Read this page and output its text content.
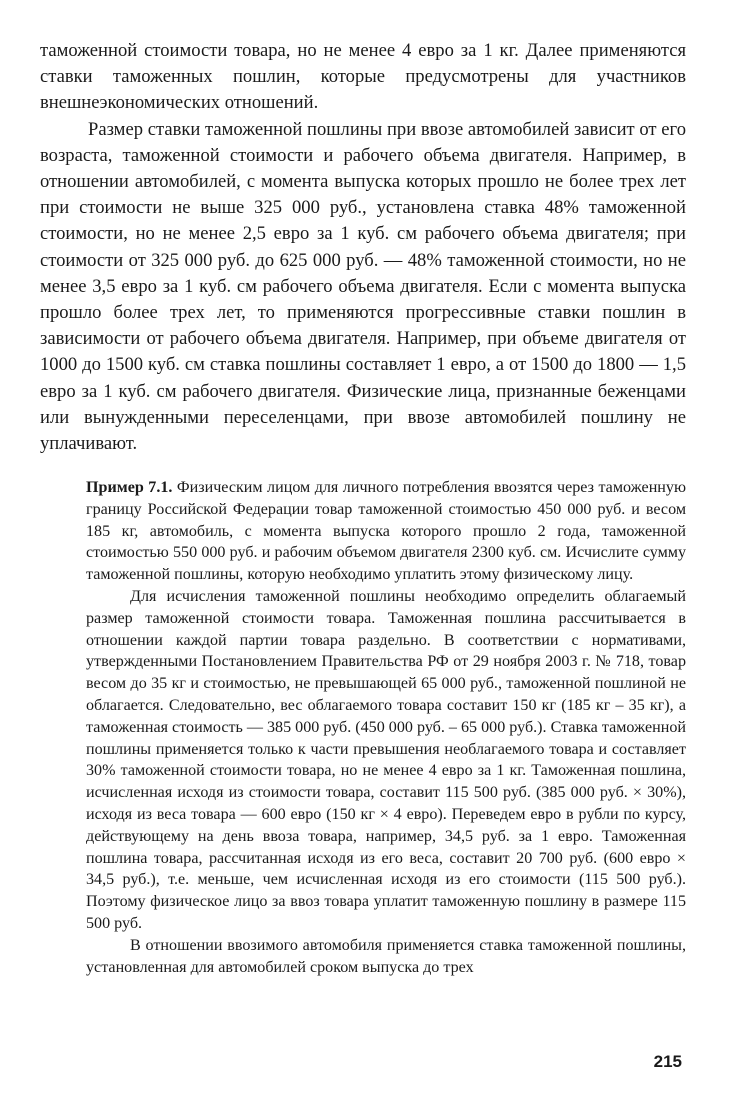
таможенной стоимости товара, но не менее 4 евро за 1 кг. Далее применяются ставки таможенных пошлин, которые предусмотрены для участников внешнеэкономических отношений.

Размер ставки таможенной пошлины при ввозе автомобилей зависит от его возраста, таможенной стоимости и рабочего объема двигателя. Например, в отношении автомобилей, с момента выпуска которых прошло не более трех лет при стоимости не выше 325 000 руб., установлена ставка 48% таможенной стоимости, но не менее 2,5 евро за 1 куб. см рабочего объема двигателя; при стоимости от 325 000 руб. до 625 000 руб. — 48% таможенной стоимости, но не менее 3,5 евро за 1 куб. см рабочего объема двигателя. Если с момента выпуска прошло более трех лет, то применяются прогрессивные ставки пошлин в зависимости от рабочего объема двигателя. Например, при объеме двигателя от 1000 до 1500 куб. см ставка пошлины составляет 1 евро, а от 1500 до 1800 — 1,5 евро за 1 куб. см рабочего двигателя. Физические лица, признанные беженцами или вынужденными переселенцами, при ввозе автомобилей пошлину не уплачивают.

Пример 7.1. Физическим лицом для личного потребления ввозятся через таможенную границу Российской Федерации товар таможенной стоимостью 450 000 руб. и весом 185 кг, автомобиль, с момента выпуска которого прошло 2 года, таможенной стоимостью 550 000 руб. и рабочим объемом двигателя 2300 куб. см. Исчислите сумму таможенной пошлины, которую необходимо уплатить этому физическому лицу.

Для исчисления таможенной пошлины необходимо определить облагаемый размер таможенной стоимости товара. Таможенная пошлина рассчитывается в отношении каждой партии товара раздельно. В соответствии с нормативами, утвержденными Постановлением Правительства РФ от 29 ноября 2003 г. № 718, товар весом до 35 кг и стоимостью, не превышающей 65 000 руб., таможенной пошлиной не облагается. Следовательно, вес облагаемого товара составит 150 кг (185 кг – 35 кг), а таможенная стоимость — 385 000 руб. (450 000 руб. – 65 000 руб.). Ставка таможенной пошлины применяется только к части превышения необлагаемого товара и составляет 30% таможенной стоимости товара, но не менее 4 евро за 1 кг. Таможенная пошлина, исчисленная исходя из стоимости товара, составит 115 500 руб. (385 000 руб. × 30%), исходя из веса товара — 600 евро (150 кг × 4 евро). Переведем евро в рубли по курсу, действующему на день ввоза товара, например, 34,5 руб. за 1 евро. Таможенная пошлина товара, рассчитанная исходя из его веса, составит 20 700 руб. (600 евро × 34,5 руб.), т.е. меньше, чем исчисленная исходя из его стоимости (115 500 руб.). Поэтому физическое лицо за ввоз товара уплатит таможенную пошлину в размере 115 500 руб.

В отношении ввозимого автомобиля применяется ставка таможенной пошлины, установленная для автомобилей сроком выпуска до трех

215
